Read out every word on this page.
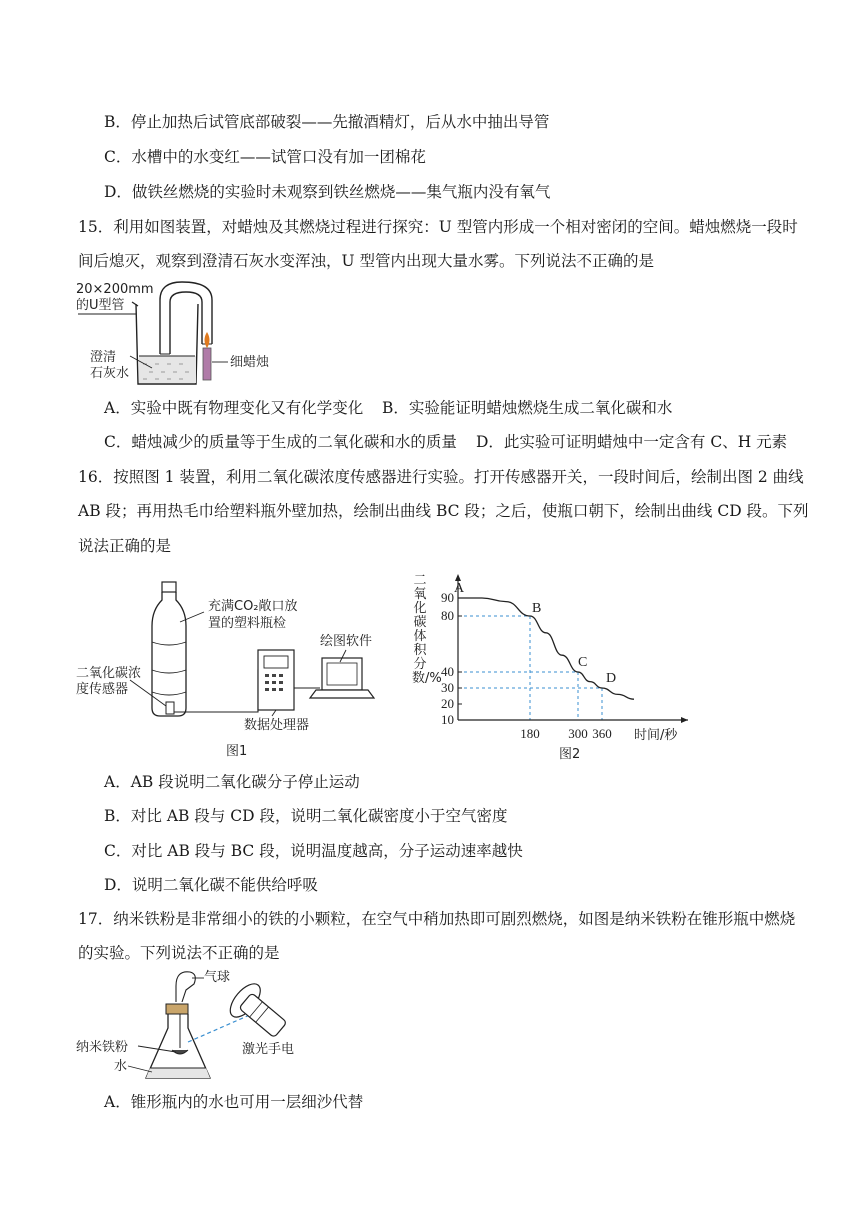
B．停止加热后试管底部破裂——先撤酒精灯，后从水中抽出导管
C．水槽中的水变红——试管口没有加一团棉花
D．做铁丝燃烧的实验时未观察到铁丝燃烧——集气瓶内没有氧气
15．利用如图装置，对蜡烛及其燃烧过程进行探究：U 型管内形成一个相对密闭的空间。蜡烛燃烧一段时
间后熄灭，观察到澄清石灰水变浑浊，U 型管内出现大量水雾。下列说法不正确的是
20×200mm
的U型管
澄清
石灰水
细蜡烛
A．实验中既有物理变化又有化学变化 B．实验能证明蜡烛燃烧生成二氧化碳和水
C．蜡烛减少的质量等于生成的二氧化碳和水的质量 D．此实验可证明蜡烛中一定含有 C、H 元素
16．按照图 1 装置，利用二氧化碳浓度传感器进行实验。打开传感器开关，一段时间后，绘制出图 2 曲线
AB 段；再用热毛巾给塑料瓶外壁加热，绘制出曲线 BC 段；之后，使瓶口朝下，绘制出曲线 CD 段。下列
说法正确的是
充满CO₂敞口放
置的塑料瓶检
绘图软件
二氧化碳浓
度传感器
数据处理器
图1
10
20
30
40
80
90
180 300 360
A
B
C
D
二氧化碳体积分数/%
时间/秒
图2
A．AB 段说明二氧化碳分子停止运动
B．对比 AB 段与 CD 段，说明二氧化碳密度小于空气密度
C．对比 AB 段与 BC 段，说明温度越高，分子运动速率越快
D．说明二氧化碳不能供给呼吸
17．纳米铁粉是非常细小的铁的小颗粒，在空气中稍加热即可剧烈燃烧，如图是纳米铁粉在锥形瓶中燃烧
的实验。下列说法不正确的是
气球
纳米铁粉
水
激光手电
A．锥形瓶内的水也可用一层细沙代替
